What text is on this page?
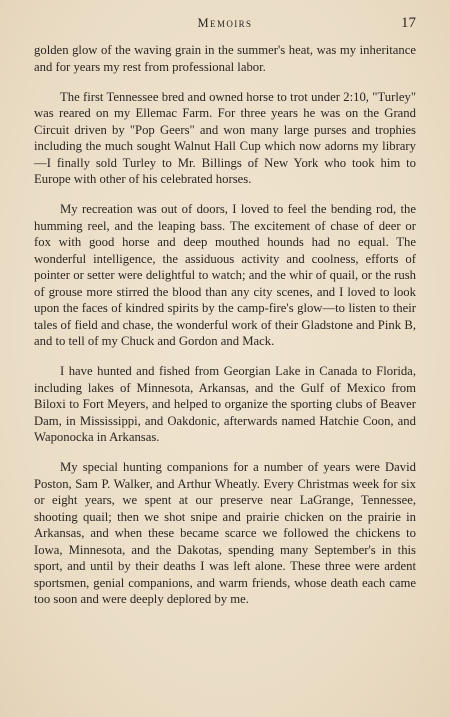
Memoirs	17

golden glow of the waving grain in the summer's heat, was my inheritance and for years my rest from professional labor.

The first Tennessee bred and owned horse to trot under 2:10, "Turley" was reared on my Ellemac Farm. For three years he was on the Grand Circuit driven by "Pop Geers" and won many large purses and trophies including the much sought Walnut Hall Cup which now adorns my library—I finally sold Turley to Mr. Billings of New York who took him to Europe with other of his celebrated horses.

My recreation was out of doors, I loved to feel the bending rod, the humming reel, and the leaping bass. The excitement of chase of deer or fox with good horse and deep mouthed hounds had no equal. The wonderful intelligence, the assiduous activity and coolness, efforts of pointer or setter were delightful to watch; and the whir of quail, or the rush of grouse more stirred the blood than any city scenes, and I loved to look upon the faces of kindred spirits by the camp-fire's glow—to listen to their tales of field and chase, the wonderful work of their Gladstone and Pink B, and to tell of my Chuck and Gordon and Mack.

I have hunted and fished from Georgian Lake in Canada to Florida, including lakes of Minnesota, Arkansas, and the Gulf of Mexico from Biloxi to Fort Meyers, and helped to organize the sporting clubs of Beaver Dam, in Mississippi, and Oakdonic, afterwards named Hatchie Coon, and Waponocka in Arkansas.

My special hunting companions for a number of years were David Poston, Sam P. Walker, and Arthur Wheatly. Every Christmas week for six or eight years, we spent at our preserve near LaGrange, Tennessee, shooting quail; then we shot snipe and prairie chicken on the prairie in Arkansas, and when these became scarce we followed the chickens to Iowa, Minnesota, and the Dakotas, spending many September's in this sport, and until by their deaths I was left alone. These three were ardent sportsmen, genial companions, and warm friends, whose death each came too soon and were deeply deplored by me.
